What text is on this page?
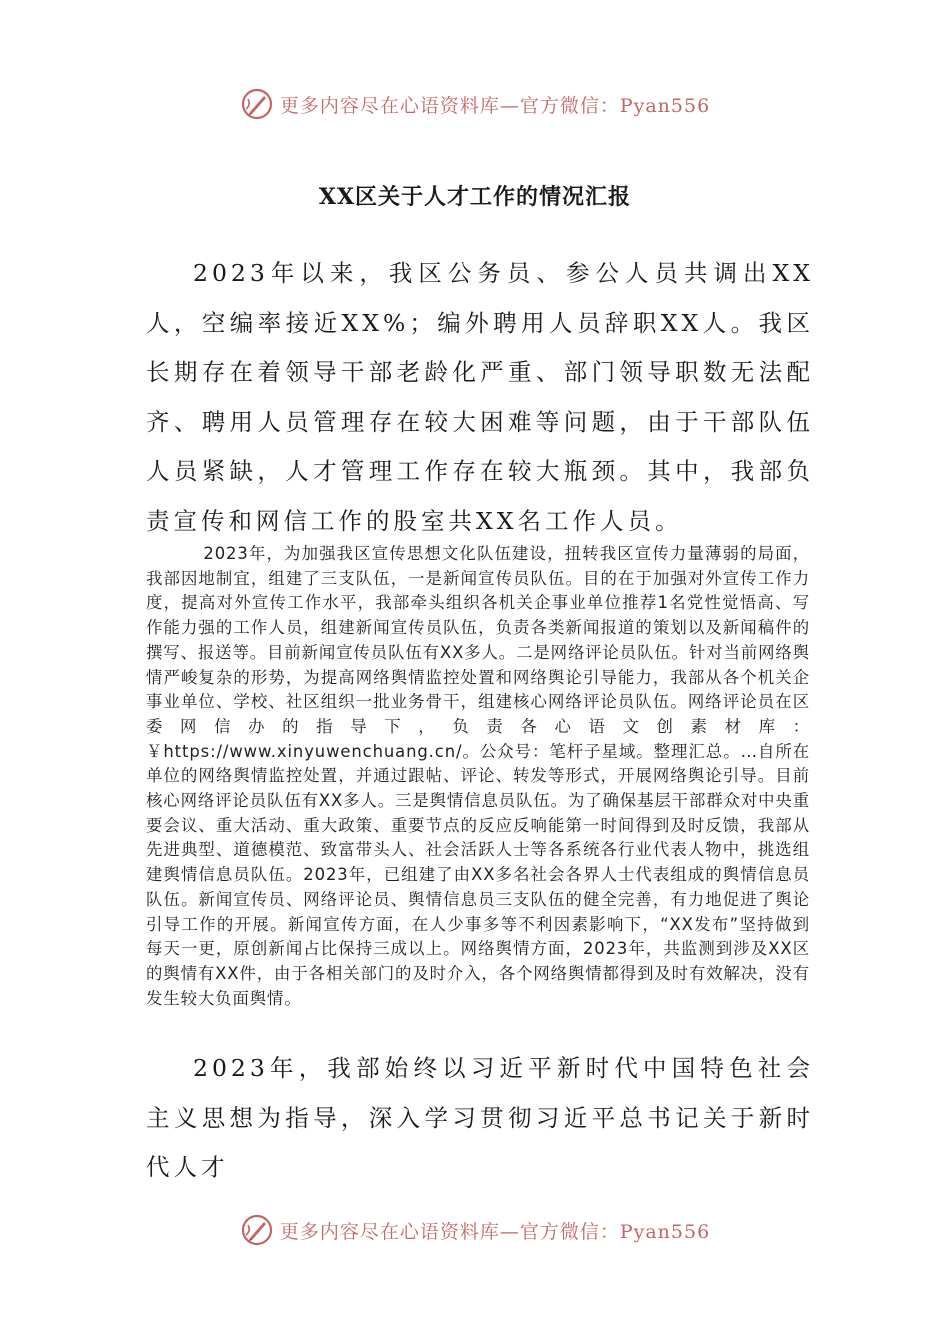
更多内容尽在心语资料库—官方微信：Pyan556
XX区关于人才工作的情况汇报

2023年以来，我区公务员、参公人员共调出XX人，空编率接近XX%；编外聘用人员辞职XX人。我区长期存在着领导干部老龄化严重、部门领导职数无法配齐、聘用人员管理存在较大困难等问题，由于干部队伍人员紧缺，人才管理工作存在较大瓶颈。其中，我部负责宣传和网信工作的股室共XX名工作人员。

2023年，为加强我区宣传思想文化队伍建设，扭转我区宣传力量薄弱的局面，我部因地制宜，组建了三支队伍，一是新闻宣传员队伍。目的在于加强对外宣传工作力度，提高对外宣传工作水平，我部牵头组织各机关企事业单位推荐1名党性觉悟高、写作能力强的工作人员，组建新闻宣传员队伍，负责各类新闻报道的策划以及新闻稿件的撰写、报送等。目前新闻宣传员队伍有XX多人。二是网络评论员队伍。针对当前网络舆情严峻复杂的形势，为提高网络舆情监控处置和网络舆论引导能力，我部从各个机关企事业单位、学校、社区组织一批业务骨干，组建核心网络评论员队伍。网络评论员在区委网信办的指导下，负责各心语文创素材库：￥https://www.xinyuwenchuang.cn/。公众号：笔杆子星域。整理汇总。…自所在单位的网络舆情监控处置，并通过跟帖、评论、转发等形式，开展网络舆论引导。目前核心网络评论员队伍有XX多人。三是舆情信息员队伍。为了确保基层干部群众对中央重要会议、重大活动、重大政策、重要节点的反应反响能第一时间得到及时反馈，我部从先进典型、道德模范、致富带头人、社会活跃人士等各系统各行业代表人物中，挑选组建舆情信息员队伍。2023年，已组建了由XX多名社会各界人士代表组成的舆情信息员队伍。新闻宣传员、网络评论员、舆情信息员三支队伍的健全完善，有力地促进了舆论引导工作的开展。新闻宣传方面，在人少事多等不利因素影响下，“XX发布”坚持做到每天一更，原创新闻占比保持三成以上。网络舆情方面，2023年，共监测到涉及XX区的舆情有XX件，由于各相关部门的及时介入，各个网络舆情都得到及时有效解决，没有发生较大负面舆情。

2023年，我部始终以习近平新时代中国特色社会主义思想为指导，深入学习贯彻习近平总书记关于新时代人才

更多内容尽在心语资料库—官方微信：Pyan556
